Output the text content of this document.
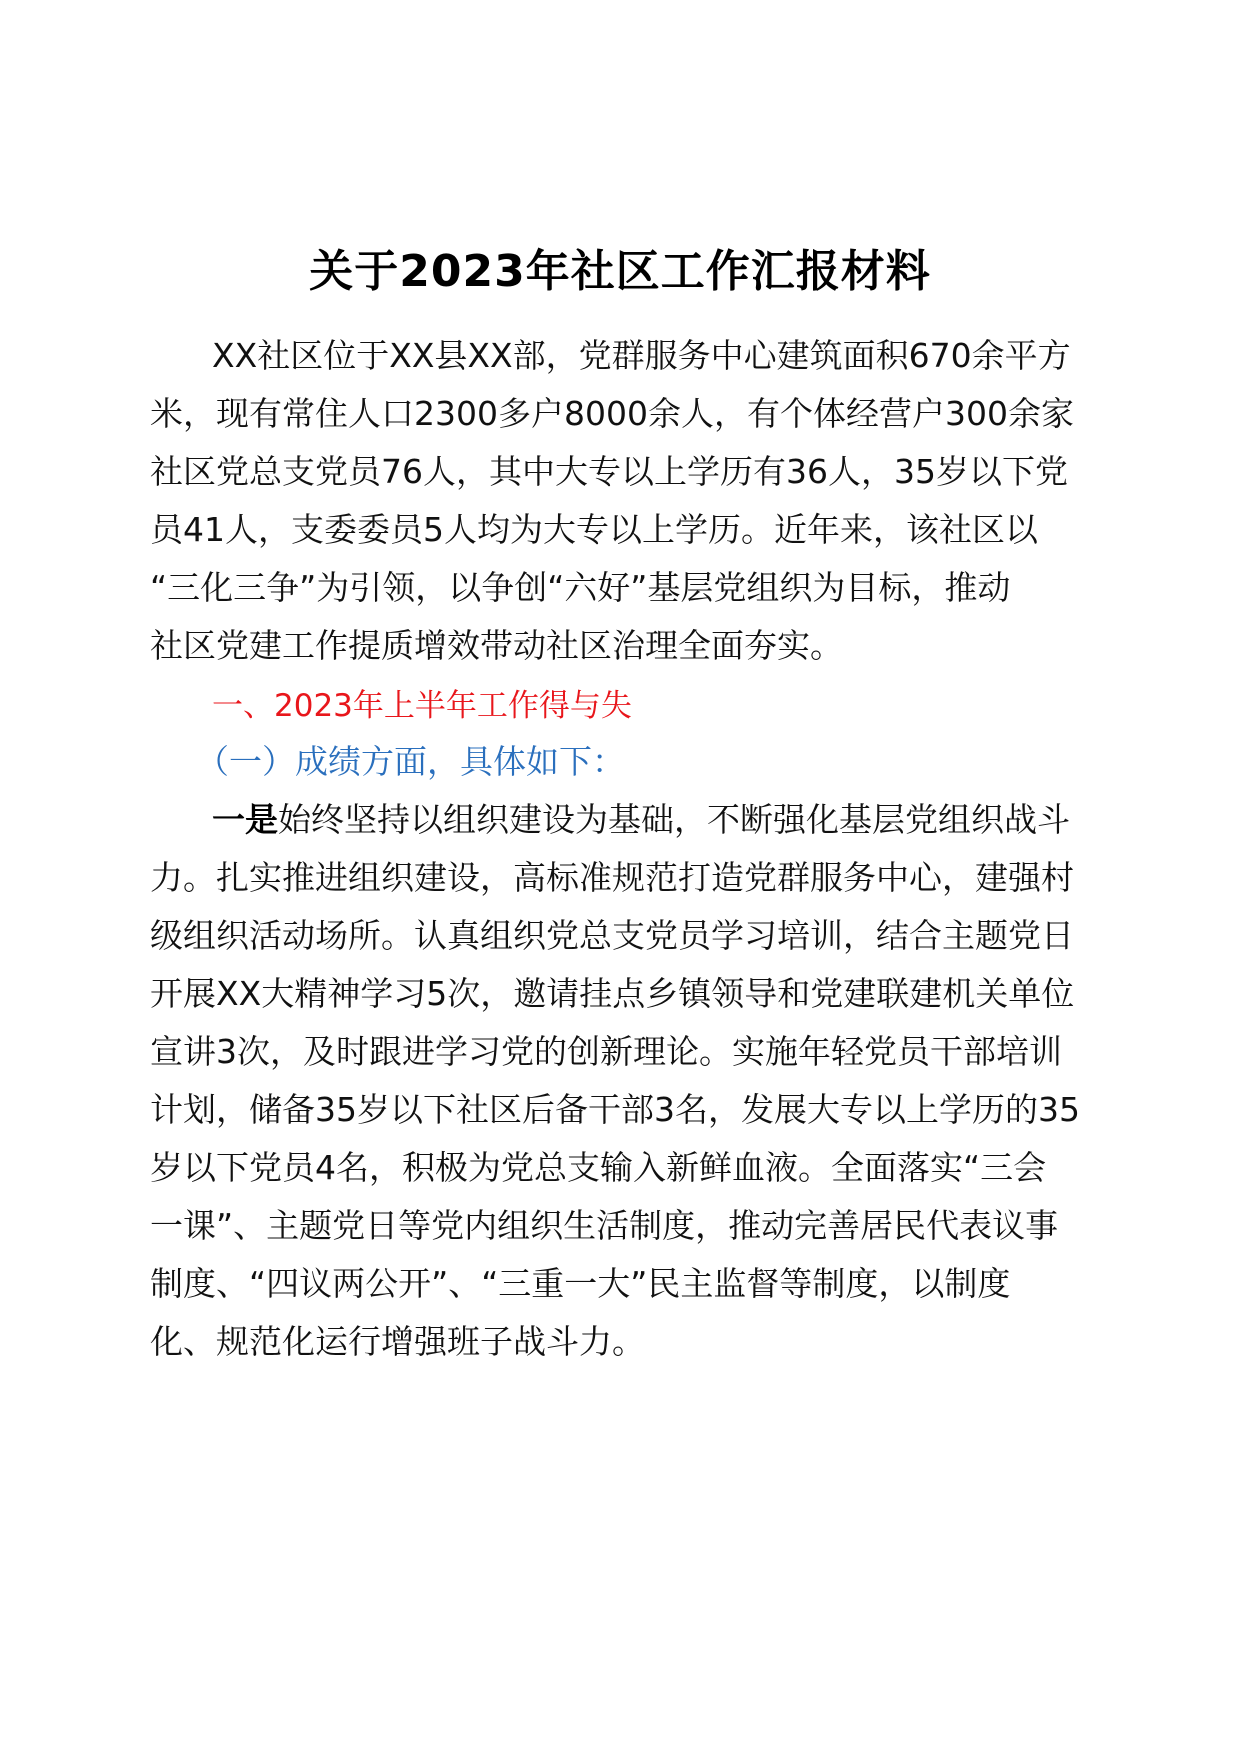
关于2023年社区工作汇报材料
XX社区位于XX县XX部，党群服务中心建筑面积670余平方
米，现有常住人口2300多户8000余人，有个体经营户300余家
社区党总支党员76人，其中大专以上学历有36人，35岁以下党
员41人，支委委员5人均为大专以上学历。近年来，该社区以
“三化三争”为引领，以争创“六好”基层党组织为目标，推动
社区党建工作提质增效带动社区治理全面夯实。
一、2023年上半年工作得与失
（一）成绩方面，具体如下：
一是始终坚持以组织建设为基础，不断强化基层党组织战斗
力。扎实推进组织建设，高标准规范打造党群服务中心，建强村
级组织活动场所。认真组织党总支党员学习培训，结合主题党日
开展XX大精神学习5次，邀请挂点乡镇领导和党建联建机关单位
宣讲3次，及时跟进学习党的创新理论。实施年轻党员干部培训
计划，储备35岁以下社区后备干部3名，发展大专以上学历的35
岁以下党员4名，积极为党总支输入新鲜血液。全面落实“三会
一课”、主题党日等党内组织生活制度，推动完善居民代表议事
制度、“四议两公开”、“三重一大”民主监督等制度，以制度
化、规范化运行增强班子战斗力。
